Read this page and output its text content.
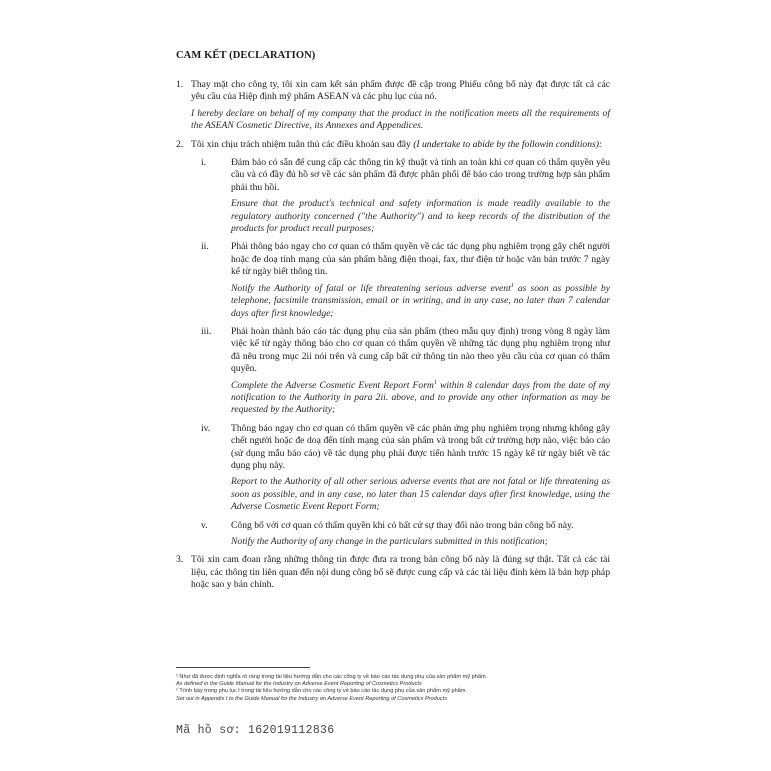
CAM KẾT (DECLARATION)

1. Thay mặt cho công ty, tôi xin cam kết sản phẩm được đề cập trong Phiếu công bố này đạt được tất cả các yêu cầu của Hiệp định mỹ phẩm ASEAN và các phụ lục của nó.

I hereby declare on behalf of my company that the product in the notification meets all the requirements of the ASEAN Cosmetic Directive, its Annexes and Appendices.

2. Tôi xin chịu trách nhiệm tuân thủ các điều khoản sau đây (I undertake to abide by the followin conditions):

i.	Đảm bảo có sẵn để cung cấp các thông tin kỹ thuật và tính an toàn khi cơ quan có thẩm quyền yêu cầu và có đầy đủ hồ sơ về các sản phẩm đã được phân phối để báo cáo trong trường hợp sản phẩm phải thu hồi.

Ensure that the product's technical and safety information is made readily available to the regulatory authority concerned ("the Authority") and to keep records of the distribution of the products for product recall purposes;

ii.	Phải thông báo ngay cho cơ quan có thẩm quyền về các tác dụng phụ nghiêm trọng gây chết người hoặc đe doạ tính mạng của sản phẩm bằng điện thoại, fax, thư điện tử hoặc văn bản trước 7 ngày kể từ ngày biết thông tin.

Notify the Authority of fatal or life threatening serious adverse event$^1$ as soon as possible by telephone, facsimile transmission, email or in writing, and in any case, no later than 7 calendar days after first knowledge;

iii.	Phải hoàn thành báo cáo tác dụng phụ của sản phẩm (theo mẫu quy định) trong vòng 8 ngày làm việc kể từ ngày thông báo cho cơ quan có thẩm quyền về những tác dụng phụ nghiêm trọng như đã nêu trong mục 2ii nói trên và cung cấp bất cứ thông tin nào theo yêu cầu của cơ quan có thẩm quyền.

Complete the Adverse Cosmetic Event Report Form$^1$ within 8 calendar days from the date of my notification to the Authority in para 2ii. above, and to provide any other information as may be requested by the Authority;

iv.	Thông báo ngay cho cơ quan có thẩm quyền về các phản ứng phụ nghiêm trọng nhưng không gây chết người hoặc đe doạ đến tính mạng của sản phẩm và trong bất cứ trường hợp nào, việc báo cáo (sử dụng mẫu báo cáo) về tác dụng phụ phải được tiến hành trước 15 ngày kể từ ngày biết về tác dụng phụ này.

Report to the Authority of all other serious adverse events that are not fatal or life threatening as soon as possible, and in any case, no later than 15 calendar days after first knowledge, using the Adverse Cosmetic Event Report Form;

v.	Công bố với cơ quan có thẩm quyền khi có bất cứ sự thay đổi nào trong bản công bố này.

Notify the Authority of any change in the particulars submitted in this notification;

3. Tôi xin cam đoan rằng những thông tin được đưa ra trong bản công bố này là đúng sự thật. Tất cả các tài liệu, các thông tin liên quan đến nội dung công bố sẽ được cung cấp và các tài liệu đính kèm là bản hợp pháp hoặc sao y bản chính.

¹ Như đã được định nghĩa rõ ràng trong tài liệu hướng dẫn cho các công ty về báo cáo tác dụng phụ của sản phẩm mỹ phẩm.

As defined in the Guide Manual for the Industry on Adverse Event Reporting of Cosmetics Products

¹ Trình bày trong phụ lục I trong tài liệu hướng dẫn cho các công ty về báo cáo tác dụng phụ của sản phẩm mỹ phẩm.

Set out in Appendix I to the Guide Manual for the Industry on Adverse Event Reporting of Cosmetics Products

Mã hồ sơ: 162019112836
